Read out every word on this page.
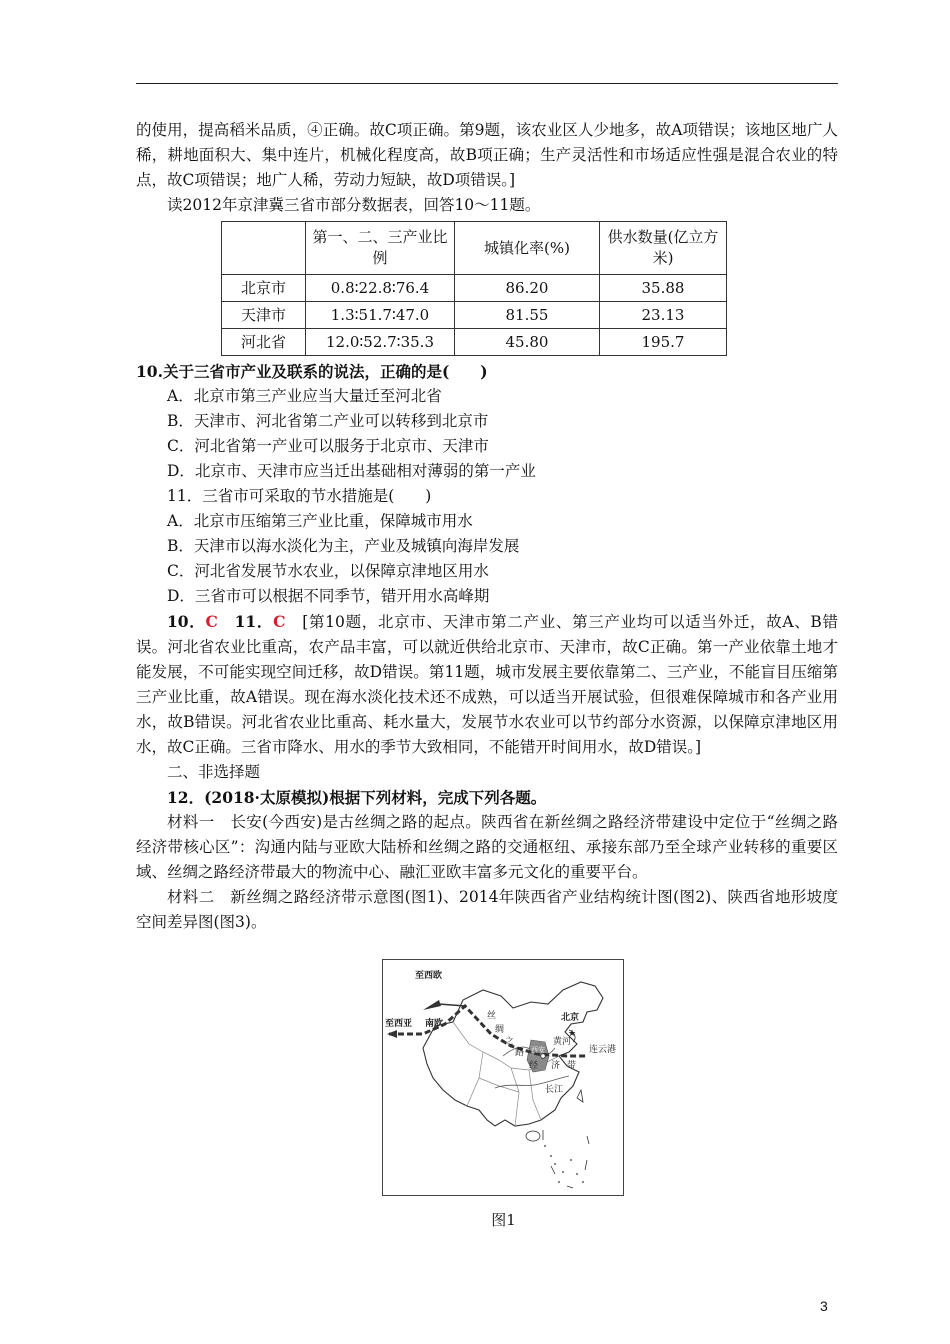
的使用，提高稻米品质，④正确。故C项正确。第9题，该农业区人少地多，故A项错误；该地区地广人稀，耕地面积大、集中连片，机械化程度高，故B项正确；生产灵活性和市场适应性强是混合农业的特点，故C项错误；地广人稀，劳动力短缺，故D项错误。]

读2012年京津冀三省市部分数据表，回答10～11题。

	第一、二、三产业比例	城镇化率(%)	供水数量(亿立方米)
北京市	0.8∶22.8∶76.4	86.20	35.88
天津市	1.3∶51.7∶47.0	81.55	23.13
河北省	12.0∶52.7∶35.3	45.80	195.7

10.关于三省市产业及联系的说法，正确的是(　　)

A．北京市第三产业应当大量迁至河北省

B．天津市、河北省第二产业可以转移到北京市

C．河北省第一产业可以服务于北京市、天津市

D．北京市、天津市应当迁出基础相对薄弱的第一产业

11．三省市可采取的节水措施是(　　)

A．北京市压缩第三产业比重，保障城市用水

B．天津市以海水淡化为主，产业及城镇向海岸发展

C．河北省发展节水农业，以保障京津地区用水

D．三省市可以根据不同季节，错开用水高峰期

10．C　 11．C　 [第10题，北京市、天津市第二产业、第三产业均可以适当外迁，故A、B错误。河北省农业比重高，农产品丰富，可以就近供给北京市、天津市，故C正确。第一产业依靠土地才能发展，不可能实现空间迁移，故D错误。第11题，城市发展主要依靠第二、三产业，不能盲目压缩第三产业比重，故A错误。现在海水淡化技术还不成熟，可以适当开展试验，但很难保障城市和各产业用水，故B错误。河北省农业比重高、耗水量大，发展节水农业可以节约部分水资源，以保障京津地区用水，故C正确。三省市降水、用水的季节大致相同，不能错开时间用水，故D错误。]

二、非选择题

12．(2018·太原模拟)根据下列材料，完成下列各题。

材料一　长安(今西安)是古丝绸之路的起点。陕西省在新丝绸之路经济带建设中定位于“丝绸之路经济带核心区”：沟通内陆与亚欧大陆桥和丝绸之路的交通枢纽、承接东部乃至全球产业转移的重要区域、丝绸之路经济带最大的物流中心、融汇亚欧丰富多元文化的重要平台。

材料二　新丝绸之路经济带示意图(图1)、2014年陕西省产业结构统计图(图2)、陕西省地形坡度空间差异图(图3)。

★
至西欧
至西亚 南欧
北京
西安	连云港
丝
绸
之
路
经 济 带
黄河
长江
图1
3
